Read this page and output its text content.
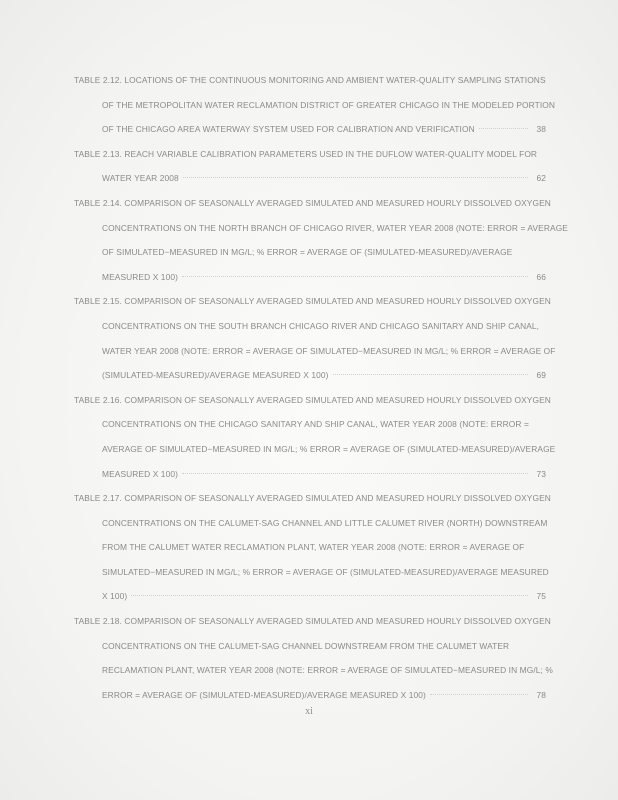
TABLE 2.12. LOCATIONS OF THE CONTINUOUS MONITORING AND AMBIENT WATER-QUALITY SAMPLING STATIONS
OF THE METROPOLITAN WATER RECLAMATION DISTRICT OF GREATER CHICAGO IN THE MODELED PORTION
OF THE CHICAGO AREA WATERWAY SYSTEM USED FOR CALIBRATION AND VERIFICATION	38
TABLE 2.13. REACH VARIABLE CALIBRATION PARAMETERS USED IN THE DUFLOW WATER-QUALITY MODEL FOR
WATER YEAR 2008	62
TABLE 2.14. COMPARISON OF SEASONALLY AVERAGED SIMULATED AND MEASURED HOURLY DISSOLVED OXYGEN
CONCENTRATIONS ON THE NORTH BRANCH OF CHICAGO RIVER, WATER YEAR 2008 (NOTE: ERROR = AVERAGE
OF SIMULATED−MEASURED IN MG/L; % ERROR = AVERAGE OF (SIMULATED-MEASURED)/AVERAGE
MEASURED X 100)	66
TABLE 2.15. COMPARISON OF SEASONALLY AVERAGED SIMULATED AND MEASURED HOURLY DISSOLVED OXYGEN
CONCENTRATIONS ON THE SOUTH BRANCH CHICAGO RIVER AND CHICAGO SANITARY AND SHIP CANAL,
WATER YEAR 2008 (NOTE: ERROR = AVERAGE OF SIMULATED−MEASURED IN MG/L; % ERROR = AVERAGE OF
(SIMULATED-MEASURED)/AVERAGE MEASURED X 100)	69
TABLE 2.16. COMPARISON OF SEASONALLY AVERAGED SIMULATED AND MEASURED HOURLY DISSOLVED OXYGEN
CONCENTRATIONS ON THE CHICAGO SANITARY AND SHIP CANAL, WATER YEAR 2008 (NOTE: ERROR =
AVERAGE OF SIMULATED−MEASURED IN MG/L; % ERROR = AVERAGE OF (SIMULATED-MEASURED)/AVERAGE
MEASURED X 100)	73
TABLE 2.17. COMPARISON OF SEASONALLY AVERAGED SIMULATED AND MEASURED HOURLY DISSOLVED OXYGEN
CONCENTRATIONS ON THE CALUMET-SAG CHANNEL AND LITTLE CALUMET RIVER (NORTH) DOWNSTREAM
FROM THE CALUMET WATER RECLAMATION PLANT, WATER YEAR 2008 (NOTE: ERROR = AVERAGE OF
SIMULATED−MEASURED IN MG/L; % ERROR = AVERAGE OF (SIMULATED-MEASURED)/AVERAGE MEASURED
X 100)	75
TABLE 2.18. COMPARISON OF SEASONALLY AVERAGED SIMULATED AND MEASURED HOURLY DISSOLVED OXYGEN
CONCENTRATIONS ON THE CALUMET-SAG CHANNEL DOWNSTREAM FROM THE CALUMET WATER
RECLAMATION PLANT, WATER YEAR 2008 (NOTE: ERROR = AVERAGE OF SIMULATED−MEASURED IN MG/L; %
ERROR = AVERAGE OF (SIMULATED-MEASURED)/AVERAGE MEASURED X 100)	78
xi
